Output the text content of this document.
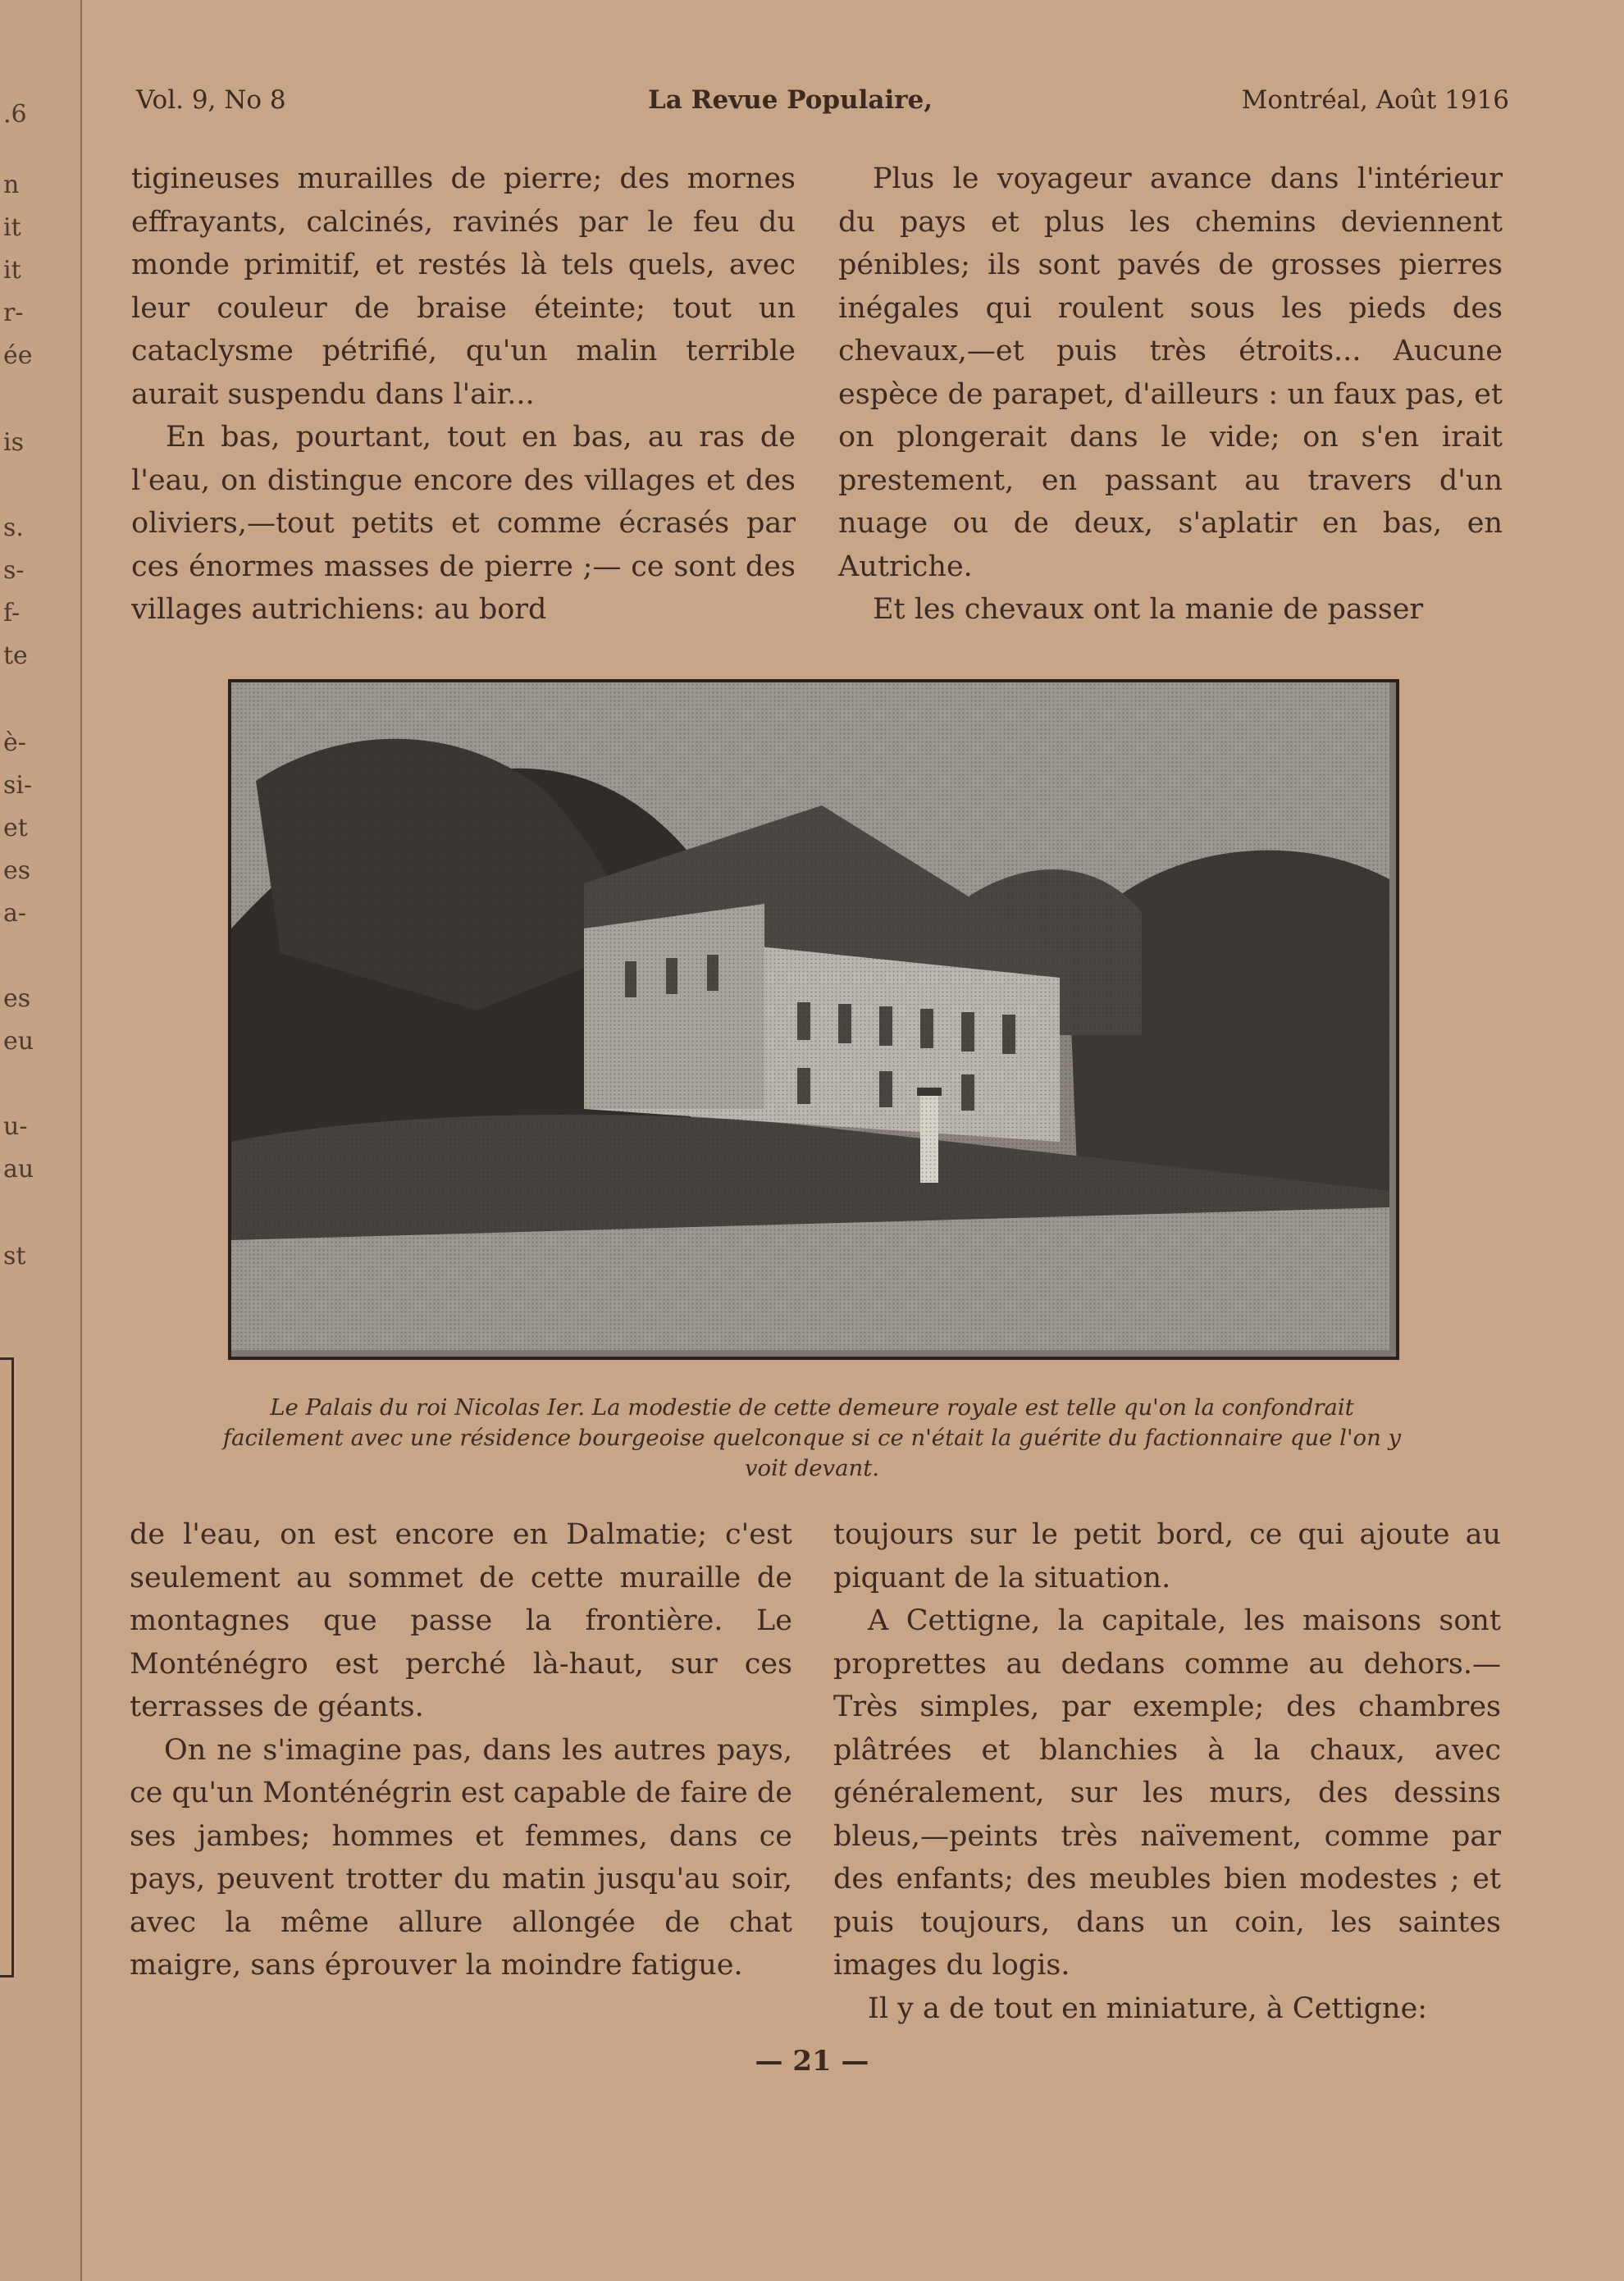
.6
n
it
it
r-
ée
is
s.
s-
f-
te
è-
si-
et
es
a-
es
eu
u-
au
st
Vol. 9, No 8	La Revue Populaire,	Montréal, Août 1916

tigineuses murailles de pierre; des mornes effrayants, calcinés, ravinés par le feu du monde primitif, et restés là tels quels, avec leur couleur de braise éteinte; tout un cataclysme pétrifié, qu'un malin terrible aurait suspendu dans l'air...

En bas, pourtant, tout en bas, au ras de l'eau, on distingue encore des villages et des oliviers,—tout petits et comme écrasés par ces énormes masses de pierre ;— ce sont des villages autrichiens: au bord

Plus le voyageur avance dans l'intérieur du pays et plus les chemins deviennent pénibles; ils sont pavés de grosses pierres inégales qui roulent sous les pieds des chevaux,—et puis très étroits... Aucune espèce de parapet, d'ailleurs : un faux pas, et on plongerait dans le vide; on s'en irait prestement, en passant au travers d'un nuage ou de deux, s'aplatir en bas, en Autriche.

Et les chevaux ont la manie de passer

Le Palais du roi Nicolas Ier. La modestie de cette demeure royale est telle qu'on la confondrait facilement avec une résidence bourgeoise quelconque si ce n'était la guérite du factionnaire que l'on y voit devant.

de l'eau, on est encore en Dalmatie; c'est seulement au sommet de cette muraille de montagnes que passe la frontière. Le Monténégro est perché là-haut, sur ces terrasses de géants.

On ne s'imagine pas, dans les autres pays, ce qu'un Monténégrin est capable de faire de ses jambes; hommes et femmes, dans ce pays, peuvent trotter du matin jusqu'au soir, avec la même allure allongée de chat maigre, sans éprouver la moindre fatigue.

toujours sur le petit bord, ce qui ajoute au piquant de la situation.

A Cettigne, la capitale, les maisons sont proprettes au dedans comme au dehors.— Très simples, par exemple; des chambres plâtrées et blanchies à la chaux, avec généralement, sur les murs, des dessins bleus,—peints très naïvement, comme par des enfants; des meubles bien modestes ; et puis toujours, dans un coin, les saintes images du logis.

Il y a de tout en miniature, à Cettigne:

— 21 —
